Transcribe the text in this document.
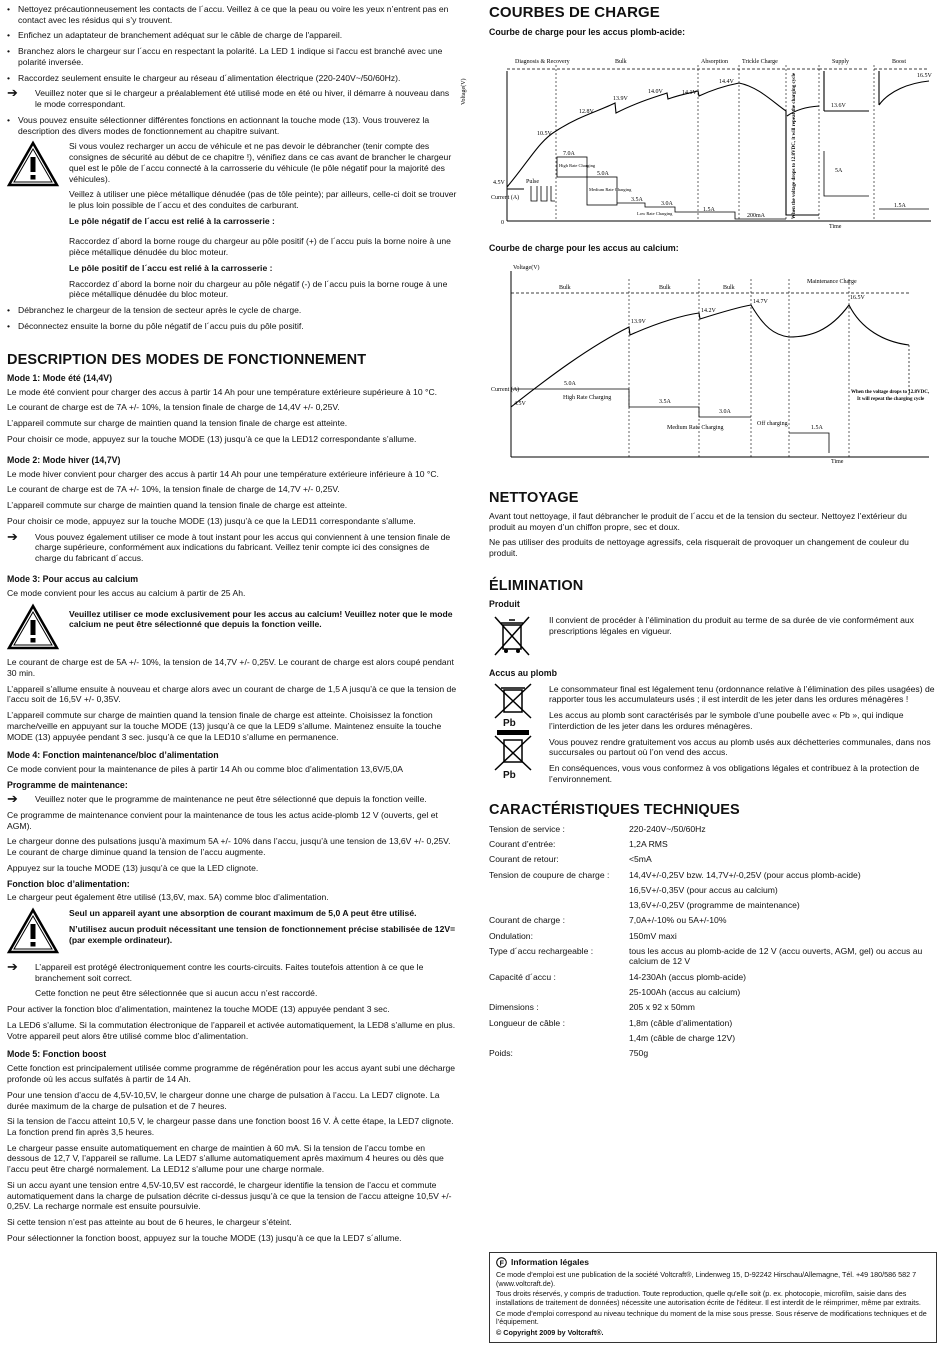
• Nettoyez précautionneusement les contacts de l´accu. Veillez à ce que la peau ou voire les yeux n’entrent pas en contact avec les résidus qui s’y trouvent.
• Enfichez un adaptateur de branchement adéquat sur le câble de charge de l'appareil.
• Branchez alors le chargeur sur l´accu en respectant la polarité. La LED 1 indique si l'accu est branché avec une polarité inversée.
• Raccordez seulement ensuite le chargeur au réseau d´alimentation électrique (220-240V~/50/60Hz).
➔	Veuillez noter que si le chargeur a préalablement été utilisé mode en été ou hiver, il démarre à nouveau dans le mode correspondant.
• Vous pouvez ensuite sélectionner différentes fonctions en actionnant la touche mode (13). Vous trouverez la description des divers modes de fonctionnement au chapitre suivant.

Si vous voulez recharger un accu de véhicule et ne pas devoir le débrancher (tenir compte des consignes de sécurité au début de ce chapitre !), vénifiez dans ce cas avant de brancher le chargeur quel est le pôle de l´accu connecté à la carrosserie du véhicule (le pôle négatif pour la majorité des véhicules).

Veillez à utiliser une pièce métallique dénudée (pas de tôle peinte); par ailleurs, celle-ci doit se trouver le plus loin possible de l´accu et des conduites de carburant.

Le pôle négatif de l´accu est relié à la carrosserie :

Raccordez d´abord la borne rouge du chargeur au pôle positif (+) de l´accu puis la borne noire à une pièce métallique dénudée du bloc moteur.

Le pôle positif de l´accu est relié à la carrosserie :

Raccordez d´abord la borne noir du chargeur au pôle négatif (-) de l´accu puis la borne rouge à une pièce métallique dénudée du bloc moteur.

• Débranchez le chargeur de la tension de secteur après le cycle de charge.
• Déconnectez ensuite la borne du pôle négatif de l´accu puis du pôle positif.
DESCRIPTION DES MODES DE FONCTIONNEMENT
Mode 1: Mode été (14,4V)

Le mode été convient pour charger des accus à partir 14 Ah pour une température extérieure supérieure à 10 °C.

Le courant de charge est de 7A +/- 10%, la tension finale de charge de 14,4V +/- 0,25V.

L’appareil commute sur charge de maintien quand la tension finale de charge est atteinte.

Pour choisir ce mode, appuyez sur la touche MODE (13) jusqu’à ce que la LED12 correspondante s’allume.

Mode 2: Mode hiver (14,7V)

Le mode hiver convient pour charger des accus à partir 14 Ah pour une température extérieure inférieure à 10 °C.

Le courant de charge est de 7A +/- 10%, la tension finale de charge de 14,7V +/- 0,25V.

L’appareil commute sur charge de maintien quand la tension finale de charge est atteinte.

Pour choisir ce mode, appuyez sur la touche MODE (13) jusqu’à ce que la LED11 correspondante s’allume.

➔	Vous pouvez également utiliser ce mode à tout instant pour les accus qui conviennent à une tension finale de charge supérieure, conformément aux indications du fabricant. Veillez tenir compte ici des consignes de charge du fabricant d´accus.
Mode 3: Pour accus au calcium

Ce mode convient pour les accus au calcium à partir de 25 Ah.

Veuillez utiliser ce mode exclusivement pour les accus au calcium! Veuillez noter que le mode calcium ne peut être sélectionné que depuis la fonction veille.

Le courant de charge est de 5A +/- 10%, la tension de 14,7V +/- 0,25V. Le courant de charge est alors coupé pendant 30 min.

L’appareil s’allume ensuite à nouveau et charge alors avec un courant de charge de 1,5 A jusqu’à ce que la tension de l’accu soit de 16,5V +/- 0,35V.

L’appareil commute sur charge de maintien quand la tension finale de charge est atteinte. Choisissez la fonction marche/veille en appuyant sur la touche MODE (13) jusqu’à ce que la LED9 s’allume. Maintenez ensuite la touche MODE (13) appuyée pendant 3 sec. jusqu’à ce que la LED10 s’allume en permanence.

Mode 4: Fonction maintenance/bloc d’alimentation

Ce mode convient pour la maintenance de piles à partir 14 Ah ou comme bloc d’alimentation 13,6V/5,0A

Programme de maintenance:
➔	Veuillez noter que le programme de maintenance ne peut être sélectionné que depuis la fonction veille.

Ce programme de maintenance convient pour la maintenance de tous les actus acide-plomb 12 V (ouverts, gel et AGM).

Le chargeur donne des pulsations jusqu’à maximum 5A +/- 10% dans l’accu, jusqu’à une tension de 13,6V +/- 0,25V. Le courant de charge diminue quand la tension de l’accu augmente.

Appuyez sur la touche MODE (13) jusqu’à ce que la LED clignote.

Fonction bloc d’alimentation:

Le chargeur peut également être utilisé (13,6V, max. 5A) comme bloc d’alimentation.

Seul un appareil ayant une absorption de courant maximum de 5,0 A peut être utilisé.

N’utilisez aucun produit nécessitant une tension de fonctionnement précise stabilisée de 12V= (par exemple ordinateur).

➔	L’appareil est protégé électroniquement contre les courts-circuits. Faites toutefois attention à ce que le branchement soit correct.

Cette fonction ne peut être sélectionnée que si aucun accu n’est raccordé.

Pour activer la fonction bloc d’alimentation, maintenez la touche MODE (13) appuyée pendant 3 sec.

La LED6 s’allume. Si la commutation électronique de l’appareil et activée automatiquement, la LED8 s’allume en plus. Votre appareil peut alors être utilisé comme bloc d’alimentation.

Mode 5: Fonction boost

Cette fonction est principalement utilisée comme programme de régénération pour les accus ayant subi une décharge profonde où les accus sulfatés à partir de 14 Ah.

Pour une tension d’accu de 4,5V-10,5V, le chargeur donne une charge de pulsation à l’accu. La LED7 clignote. La durée maximum de la charge de pulsation et de 7 heures.

Si la tension de l’accu atteint 10,5 V, le chargeur passe dans une fonction boost 16 V. À cette étape, la LED7 clignote. La fonction prend fin après 3,5 heures.

Le chargeur passe ensuite automatiquement en charge de maintien à 60 mA. Si la tension de l’accu tombe en dessous de 12,7 V, l’appareil se rallume. La LED7 s’allume automatiquement après maximum 4 heures ou dès que l’accu peut être chargé normalement. La LED12 s’allume pour une charge normale.

Si un accu ayant une tension entre 4,5V-10,5V est raccordé, le chargeur identifie la tension de l’accu et commute automatiquement dans la charge de pulsation décrite ci-dessus jusqu’à ce que la tension de l’accu atteigne 10,5V +/- 0,25V. La recharge normale est ensuite poursuivie.

Si cette tension n’est pas atteinte au bout de 6 heures, le chargeur s’éteint.

Pour sélectionner la fonction boost, appuyez sur la touche MODE (13) jusqu’à ce que la LED7 s´allume.

COURBES DE CHARGE
Courbe de charge pour les accus plomb-acide:
Voltage(V)
Diagnosis & Recovery	Bulk	Absorption Trickle Charge	Supply	Boost
4.5V
10.5V
12.8V
13.9V
14.0V	14.1V
14.4V
13.6V
16.5V
7.0A
5.0A
3.5A
3.0A
1.5A
200mA
5A
1.5A
Pulse
High Rate Charging
Medium Rate Charging
Low Rate Charging
Current (A)
Time
0
When the voltage drops to 12.8VDC, it will repeat the charging cycle
Courbe de charge pour les accus au calcium:
Voltage(V)
Bulk	Bulk	Bulk
Maintenance Charge
4.5V
13.9V
14.2V
14.7V
16.5V
5.0A
3.5A
3.0A
1.5A
Current (A)
High Rate Charging
Medium Rate Charging
Off charging
Time
When the voltage drops to 12.8VDC,
It will repeat the charging cycle
NETTOYAGE

Avant tout nettoyage, il faut débrancher le produit de l´accu et de la tension du secteur. Nettoyez l’extérieur du produit au moyen d’un chiffon propre, sec et doux.

Ne pas utiliser des produits de nettoyage agressifs, cela risquerait de provoquer un changement de couleur du produit.

ÉLIMINATION
Produit
Il convient de procéder à l’élimination du produit au terme de sa durée de vie conformément aux prescriptions légales en vigueur.
Accus au plomb
Pb
Pb

Le consommateur final est légalement tenu (ordonnance relative à l’élimination des piles usagées) de rapporter tous les accumulateurs usés ; il est interdit de les jeter dans les ordures ménagères !

Les accus au plomb sont caractérisés par le symbole d’une poubelle avec « Pb », qui indique l’interdiction de les jeter dans les ordures ménagères.

Vous pouvez rendre gratuitement vos accus au plomb usés aux déchetteries communales, dans nos succursales ou partout où l’on vend des accus.

En conséquences, vous vous conformez à vos obligations légales et contribuez à la protection de l’environnement.

CARACTÉRISTIQUES TECHNIQUES
Tension de service :	220-240V~/50/60Hz
Courant d’entrée:	1,2A RMS
Courant de retour:	<5mA
Tension de coupure de charge :	14,4V+/-0,25V bzw. 14,7V+/-0,25V (pour accus plomb-acide)
16,5V+/-0,35V (pour accus au calcium)
13,6V+/-0,25V (programme de maintenance)
Courant de charge :	7,0A+/-10% ou 5A+/-10%
Ondulation:	150mV maxi
Type d´accu rechargeable :	tous les accus au plomb-acide de 12 V (accu ouverts, AGM, gel) ou accus au calcium de 12 V
Capacité d´accu :	14-230Ah (accus plomb-acide)
25-100Ah (accus au calcium)
Dimensions :	205 x 92 x 50mm
Longueur de câble :	1,8m (câble d’alimentation)
1,4m (câble de charge 12V)
Poids:	750g
F Information légales

Ce mode d’emploi est une publication de la société Voltcraft®, Lindenweg 15, D-92242 Hirschau/Allemagne, Tél. +49 180/586 582 7 (www.voltcraft.de).

Tous droits réservés, y compris de traduction. Toute reproduction, quelle qu'elle soit (p. ex. photocopie, microfilm, saisie dans des installations de traitement de données) nécessite une autorisation écrite de l'éditeur. Il est interdit de le réimprimer, même par extraits.

Ce mode d’emploi correspond au niveau technique du moment de la mise sous presse. Sous réserve de modifications techniques et de l’équipement.

© Copyright 2009 by Voltcraft®.
